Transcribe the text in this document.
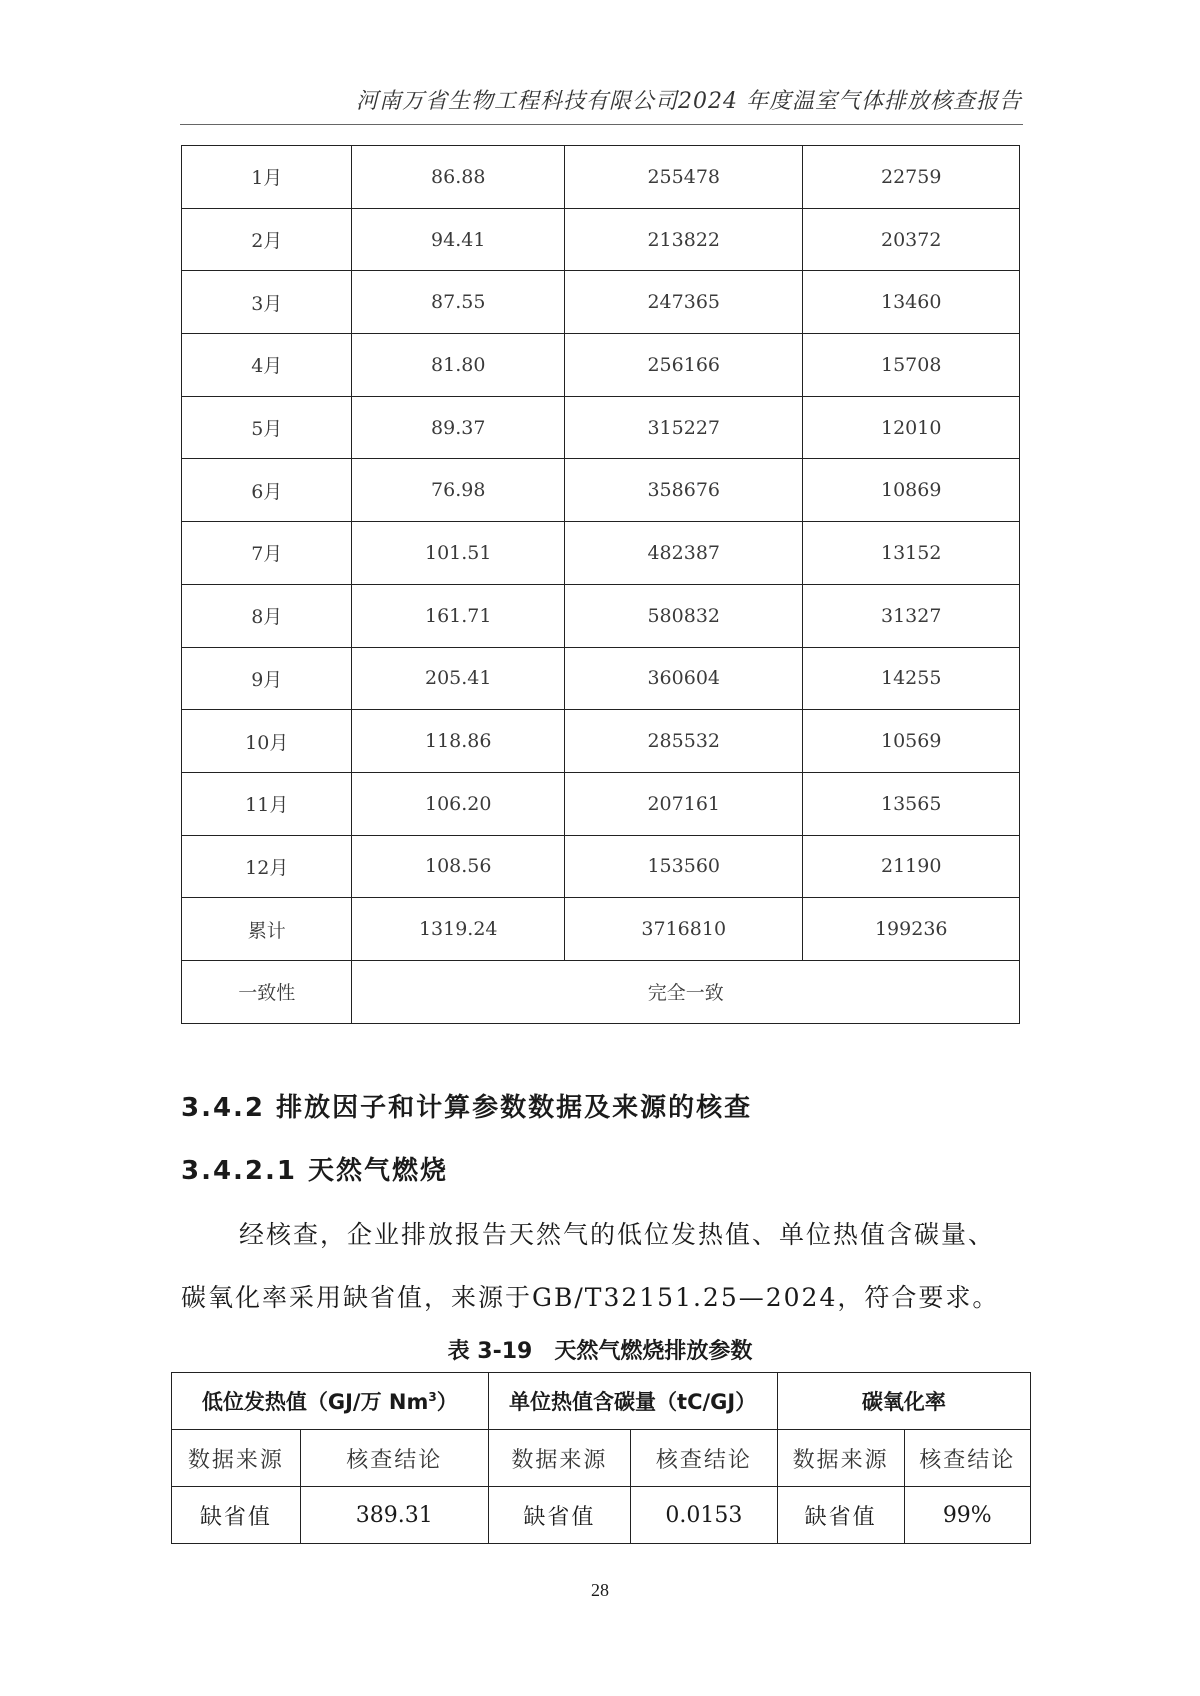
河南万省生物工程科技有限公司2024 年度温室气体排放核查报告
1月	86.88	255478	22759
2月	94.41	213822	20372
3月	87.55	247365	13460
4月	81.80	256166	15708
5月	89.37	315227	12010
6月	76.98	358676	10869
7月	101.51	482387	13152
8月	161.71	580832	31327
9月	205.41	360604	14255
10月	118.86	285532	10569
11月	106.20	207161	13565
12月	108.56	153560	21190
累计	1319.24	3716810	199236
一致性	完全一致		
3.4.2 排放因子和计算参数数据及来源的核查
3.4.2.1 天然气燃烧
经核查，企业排放报告天然气的低位发热值、单位热值含碳量、碳氧化率采用缺省值，来源于GB/T32151.25—2024，符合要求。
表 3-19　天然气燃烧排放参数
低位发热值（GJ/万 Nm$^3$）		单位热值含碳量（tC/GJ）		碳氧化率	
数据来源	核查结论	数据来源	核查结论	数据来源	核查结论
缺省值	389.31	缺省值	0.0153	缺省值	99%
28
